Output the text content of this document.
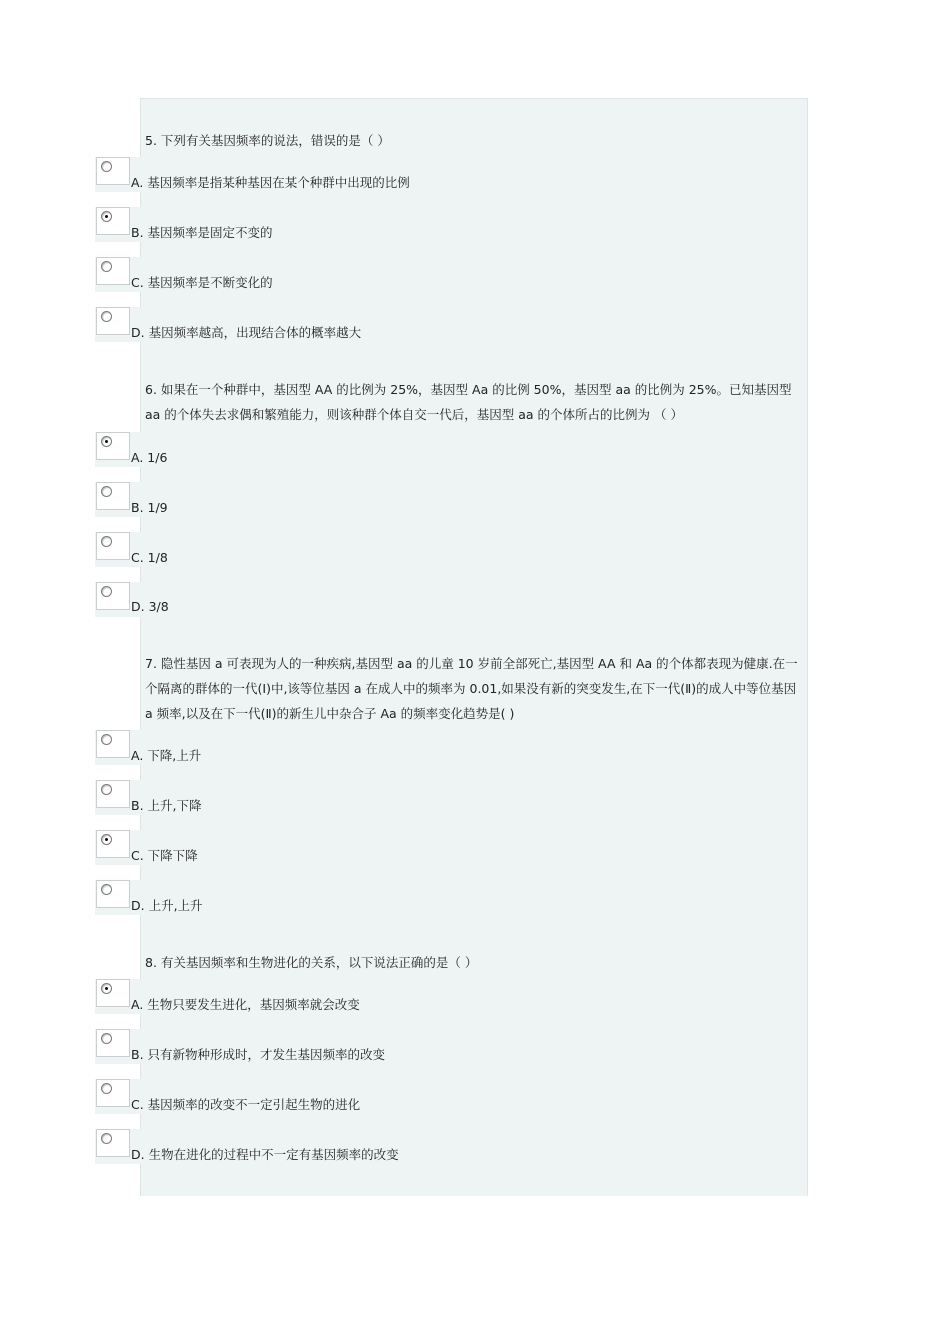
5. 下列有关基因频率的说法，错误的是（ ）
A. 基因频率是指某种基因在某个种群中出现的比例
B. 基因频率是固定不变的
C. 基因频率是不断变化的
D. 基因频率越高，出现结合体的概率越大
6. 如果在一个种群中，基因型 AA 的比例为 25%，基因型 Aa 的比例 50%，基因型 aa 的比例为 25%。已知基因型 aa 的个体失去求偶和繁殖能力，则该种群个体自交一代后，基因型 aa 的个体所占的比例为 （ ）
A. 1/6
B. 1/9
C. 1/8
D. 3/8
7. 隐性基因 a 可表现为人的一种疾病,基因型 aa 的儿童 10 岁前全部死亡,基因型 AA 和 Aa 的个体都表现为健康.在一个隔离的群体的一代(Ⅰ)中,该等位基因 a 在成人中的频率为 0.01,如果没有新的突变发生,在下一代(Ⅱ)的成人中等位基因 a 频率,以及在下一代(Ⅱ)的新生儿中杂合子 Aa 的频率变化趋势是( )
A. 下降,上升
B. 上升,下降
C. 下降下降
D. 上升,上升
8. 有关基因频率和生物进化的关系，以下说法正确的是（ ）
A. 生物只要发生进化，基因频率就会改变
B. 只有新物种形成时，才发生基因频率的改变
C. 基因频率的改变不一定引起生物的进化
D. 生物在进化的过程中不一定有基因频率的改变
